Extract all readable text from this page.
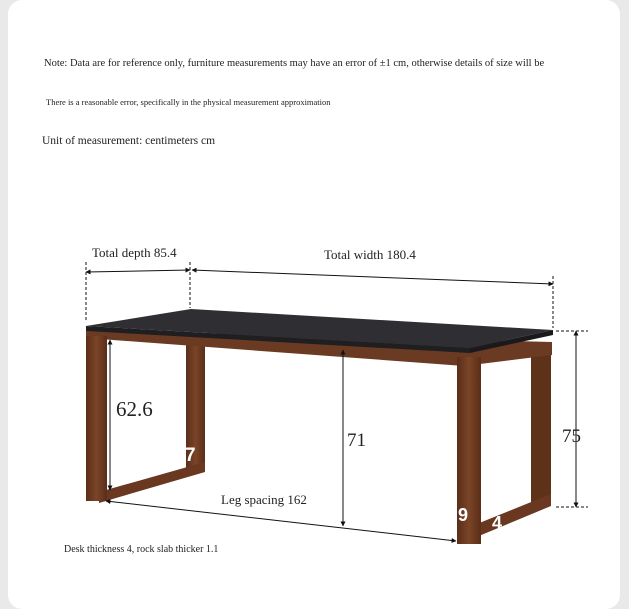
Note: Data are for reference only, furniture measurements may have an error of ±1 cm, otherwise details of size will be
There is a reasonable error, specifically in the physical measurement approximation
Unit of measurement: centimeters cm
Total depth 85.4	Total width 180.4
62.6
7
71	75
Leg spacing 162
9 4
Desk thickness 4, rock slab thicker 1.1
